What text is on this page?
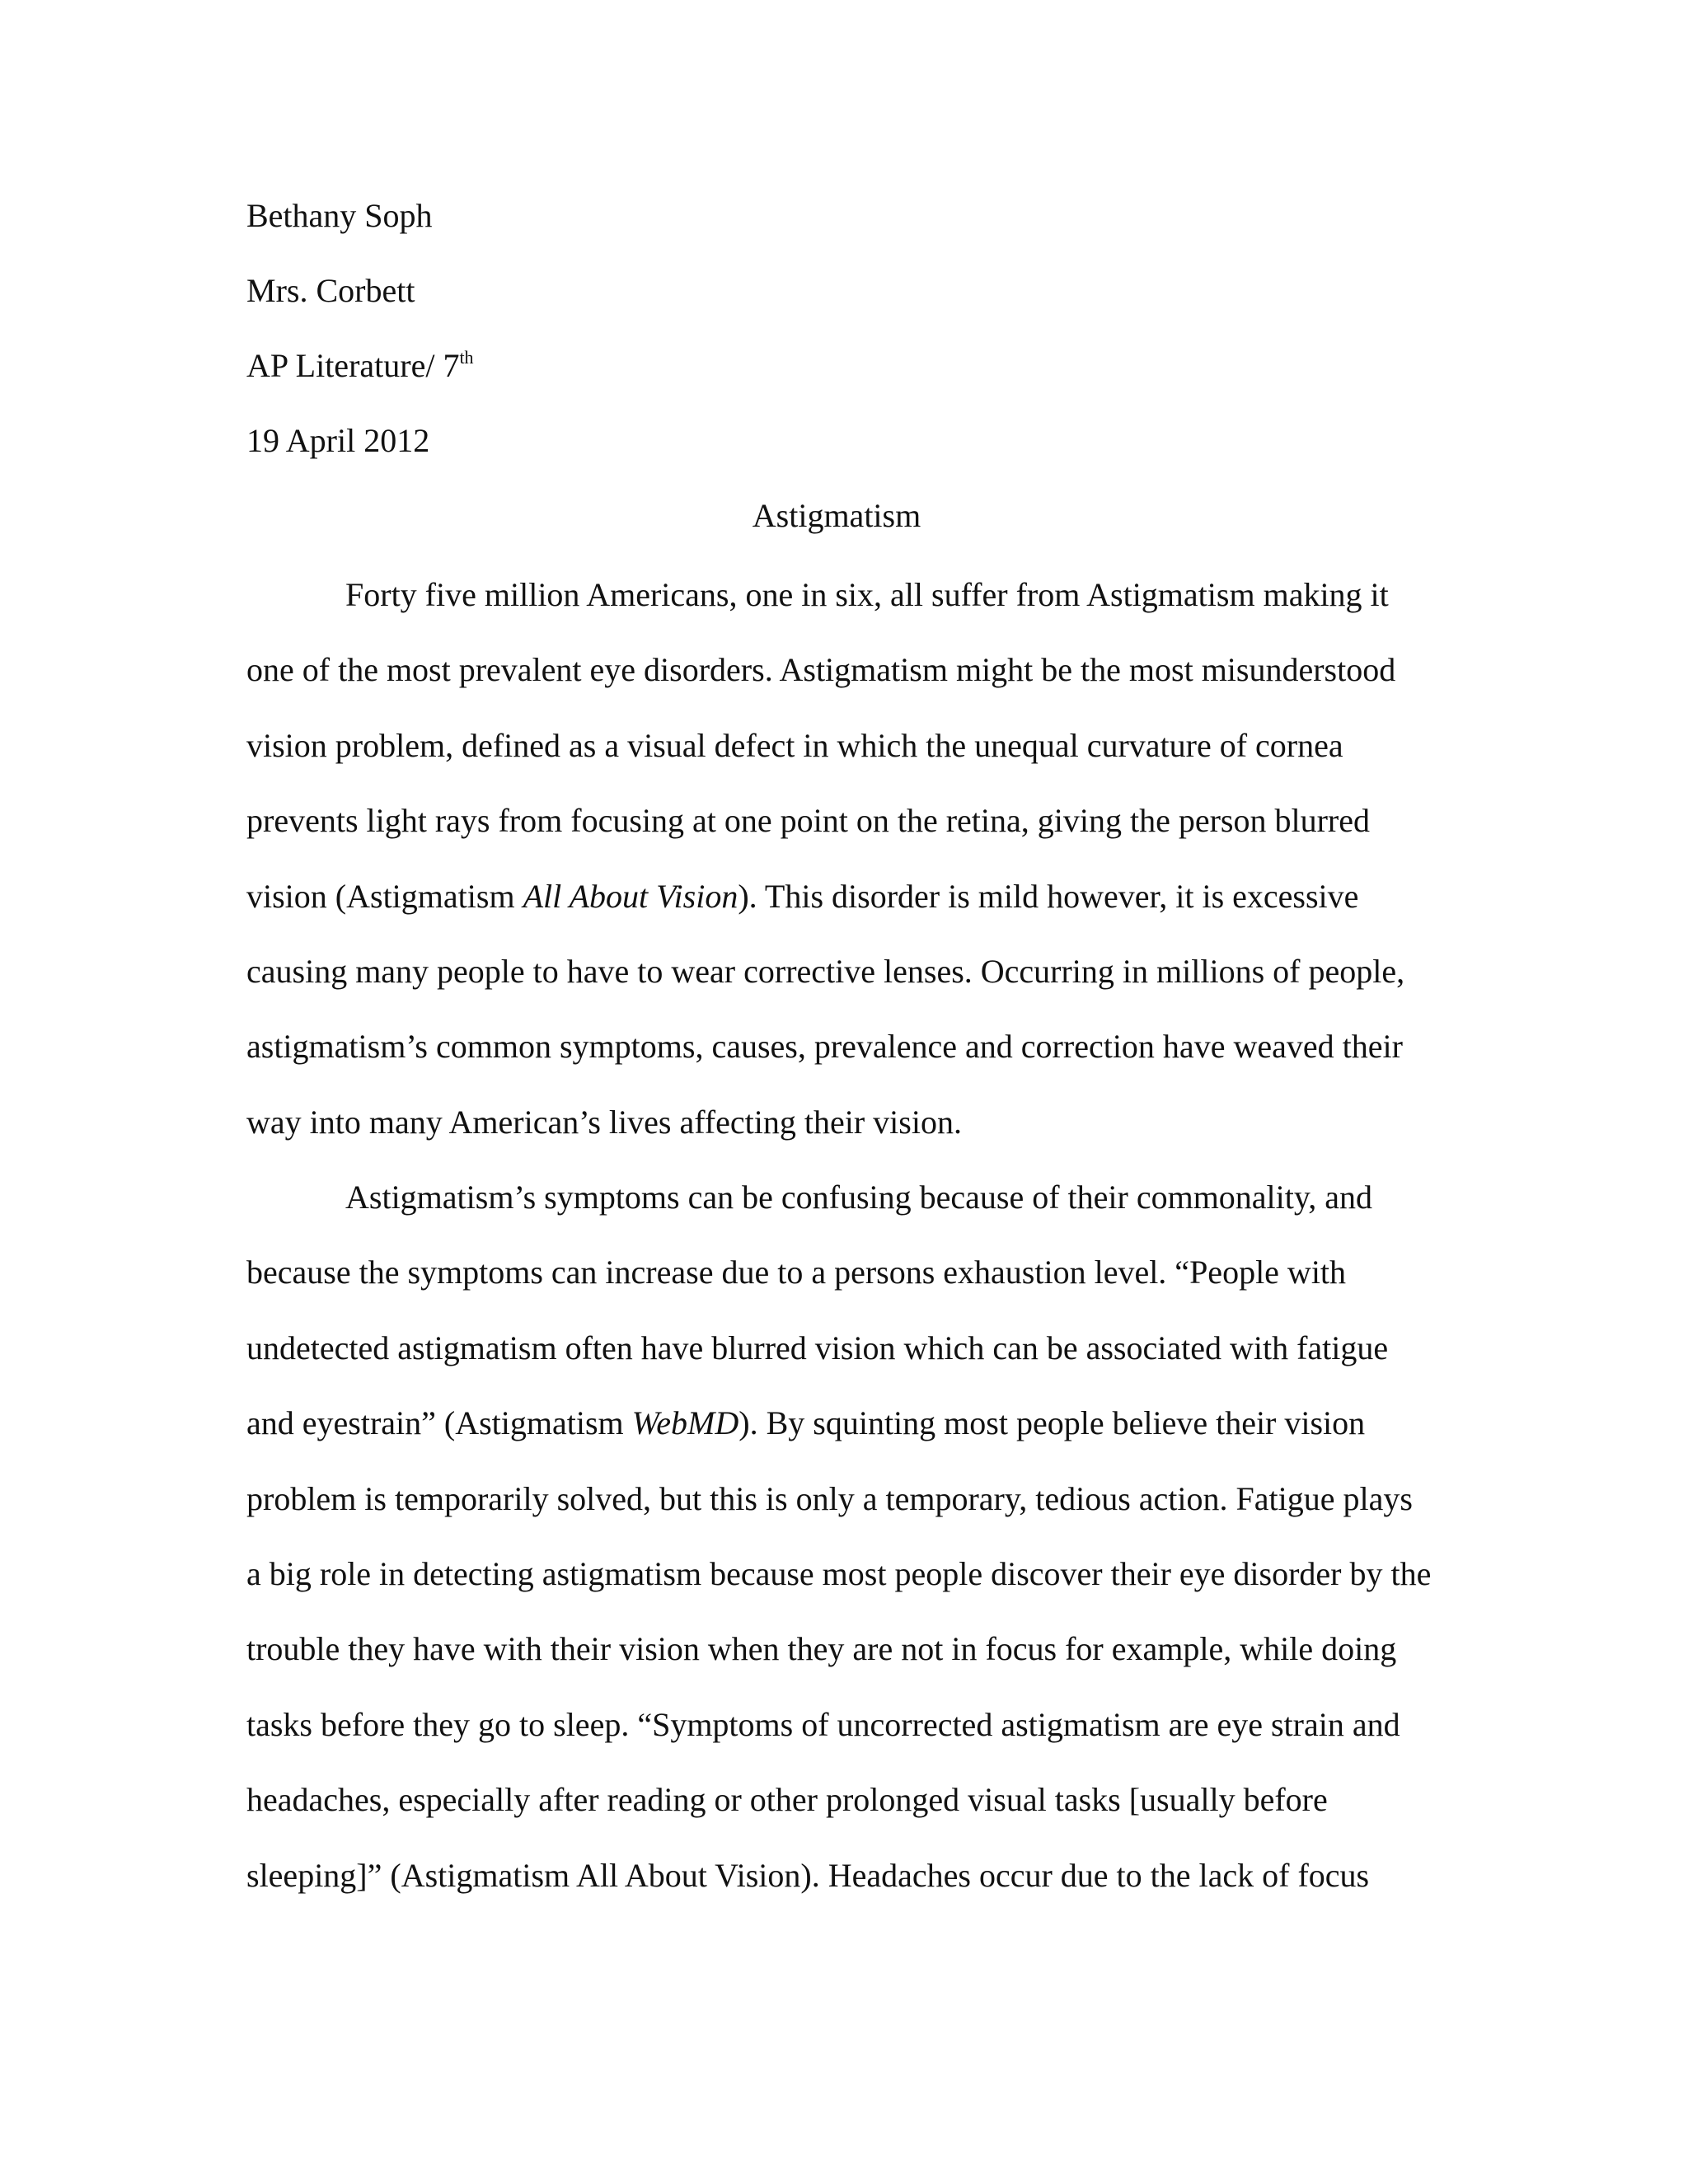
Bethany Soph

Mrs. Corbett

AP Literature/ 7th

19 April 2012

Astigmatism

Forty five million Americans, one in six, all suffer from Astigmatism making it
one of the most prevalent eye disorders. Astigmatism might be the most misunderstood
vision problem, defined as a visual defect in which the unequal curvature of cornea
prevents light rays from focusing at one point on the retina, giving the person blurred
vision (Astigmatism All About Vision). This disorder is mild however, it is excessive
causing many people to have to wear corrective lenses. Occurring in millions of people,
astigmatism’s common symptoms, causes, prevalence and correction have weaved their
way into many American’s lives affecting their vision.
Astigmatism’s symptoms can be confusing because of their commonality, and
because the symptoms can increase due to a persons exhaustion level. “People with
undetected astigmatism often have blurred vision which can be associated with fatigue
and eyestrain” (Astigmatism WebMD). By squinting most people believe their vision
problem is temporarily solved, but this is only a temporary, tedious action. Fatigue plays
a big role in detecting astigmatism because most people discover their eye disorder by the
trouble they have with their vision when they are not in focus for example, while doing
tasks before they go to sleep. “Symptoms of uncorrected astigmatism are eye strain and
headaches, especially after reading or other prolonged visual tasks [usually before
sleeping]” (Astigmatism All About Vision). Headaches occur due to the lack of focus
